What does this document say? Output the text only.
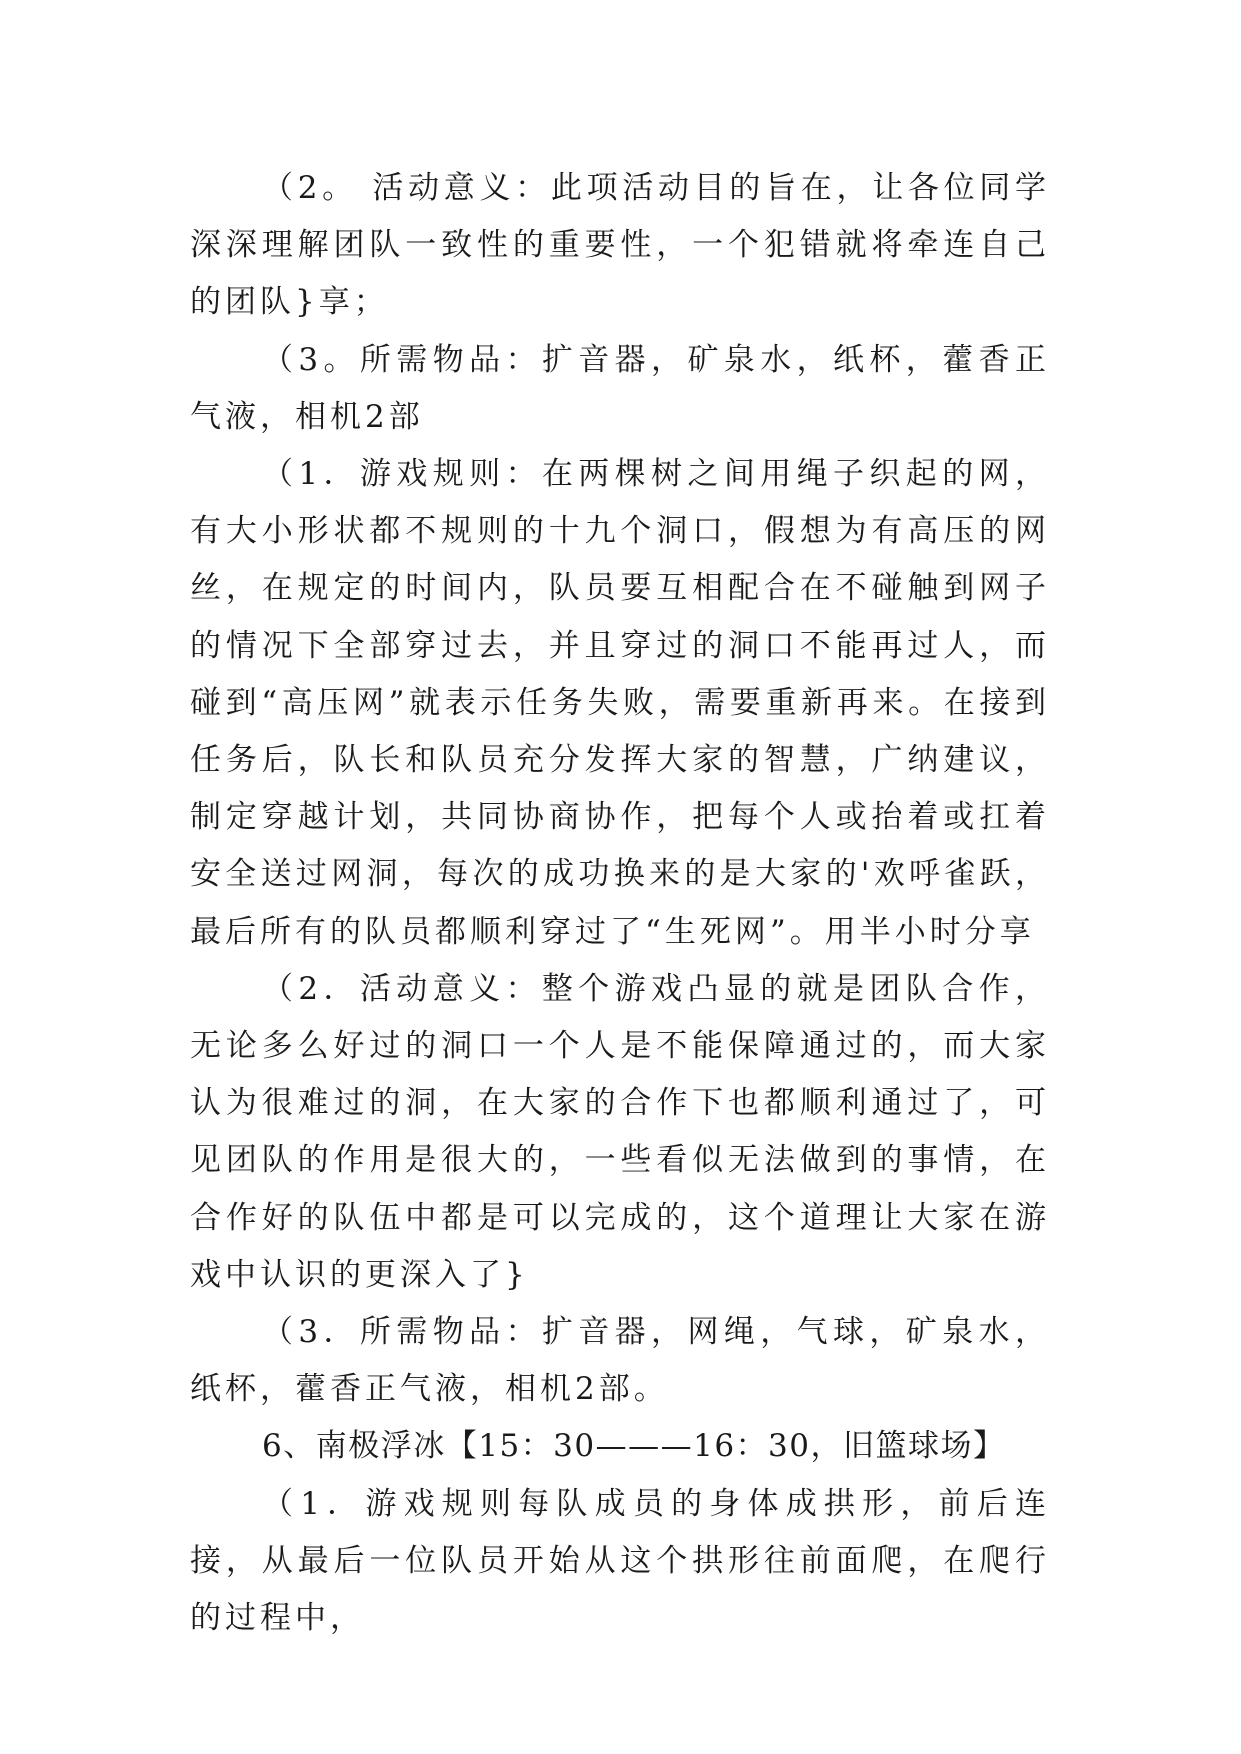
（2。 活动意义：此项活动目的旨在，让各位同学深深理解团队一致性的重要性，一个犯错就将牵连自己的团队}享；

（3。所需物品：扩音器，矿泉水，纸杯，藿香正气液，相机2部

（1．游戏规则：在两棵树之间用绳子织起的网，有大小形状都不规则的十九个洞口，假想为有高压的网丝，在规定的时间内，队员要互相配合在不碰触到网子的情况下全部穿过去，并且穿过的洞口不能再过人，而碰到“高压网”就表示任务失败，需要重新再来。在接到任务后，队长和队员充分发挥大家的智慧，广纳建议，制定穿越计划，共同协商协作，把每个人或抬着或扛着安全送过网洞，每次的成功换来的是大家的'欢呼雀跃，最后所有的队员都顺利穿过了“生死网”。用半小时分享

（2．活动意义：整个游戏凸显的就是团队合作，无论多么好过的洞口一个人是不能保障通过的，而大家认为很难过的洞，在大家的合作下也都顺利通过了，可见团队的作用是很大的，一些看似无法做到的事情，在合作好的队伍中都是可以完成的，这个道理让大家在游戏中认识的更深入了}

（3．所需物品：扩音器，网绳，气球，矿泉水，纸杯，藿香正气液，相机2部。

6、南极浮冰【15：30———16：30，旧篮球场】

（1．游戏规则每队成员的身体成拱形，前后连接，从最后一位队员开始从这个拱形往前面爬，在爬行的过程中，
